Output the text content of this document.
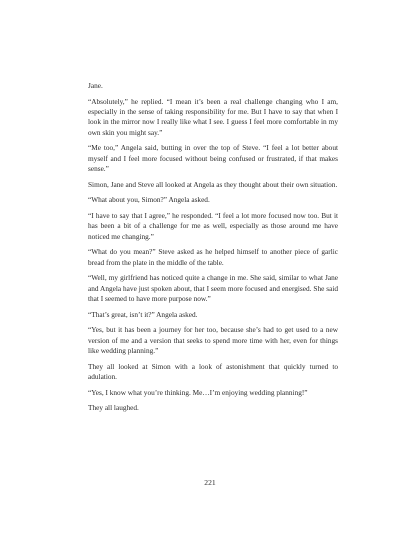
Jane.

“Absolutely,” he replied. “I mean it’s been a real challenge changing who I am, especially in the sense of taking responsibility for me. But I have to say that when I look in the mirror now I really like what I see. I guess I feel more comfortable in my own skin you might say.”

“Me too,” Angela said, butting in over the top of Steve. “I feel a lot better about myself and I feel more focused without being confused or frustrated, if that makes sense.”

Simon, Jane and Steve all looked at Angela as they thought about their own situation.

“What about you, Simon?” Angela asked.

“I have to say that I agree,” he responded. “I feel a lot more focused now too. But it has been a bit of a challenge for me as well, especially as those around me have noticed me changing.”

“What do you mean?” Steve asked as he helped himself to another piece of garlic bread from the plate in the middle of the table.

“Well, my girlfriend has noticed quite a change in me. She said, similar to what Jane and Angela have just spoken about, that I seem more focused and energised. She said that I seemed to have more purpose now.”

“That’s great, isn’t it?” Angela asked.

“Yes, but it has been a journey for her too, because she’s had to get used to a new version of me and a version that seeks to spend more time with her, even for things like wedding planning.”

They all looked at Simon with a look of astonishment that quickly turned to adulation.

“Yes, I know what you’re thinking. Me…I’m enjoying wedding planning!”

They all laughed.

221
